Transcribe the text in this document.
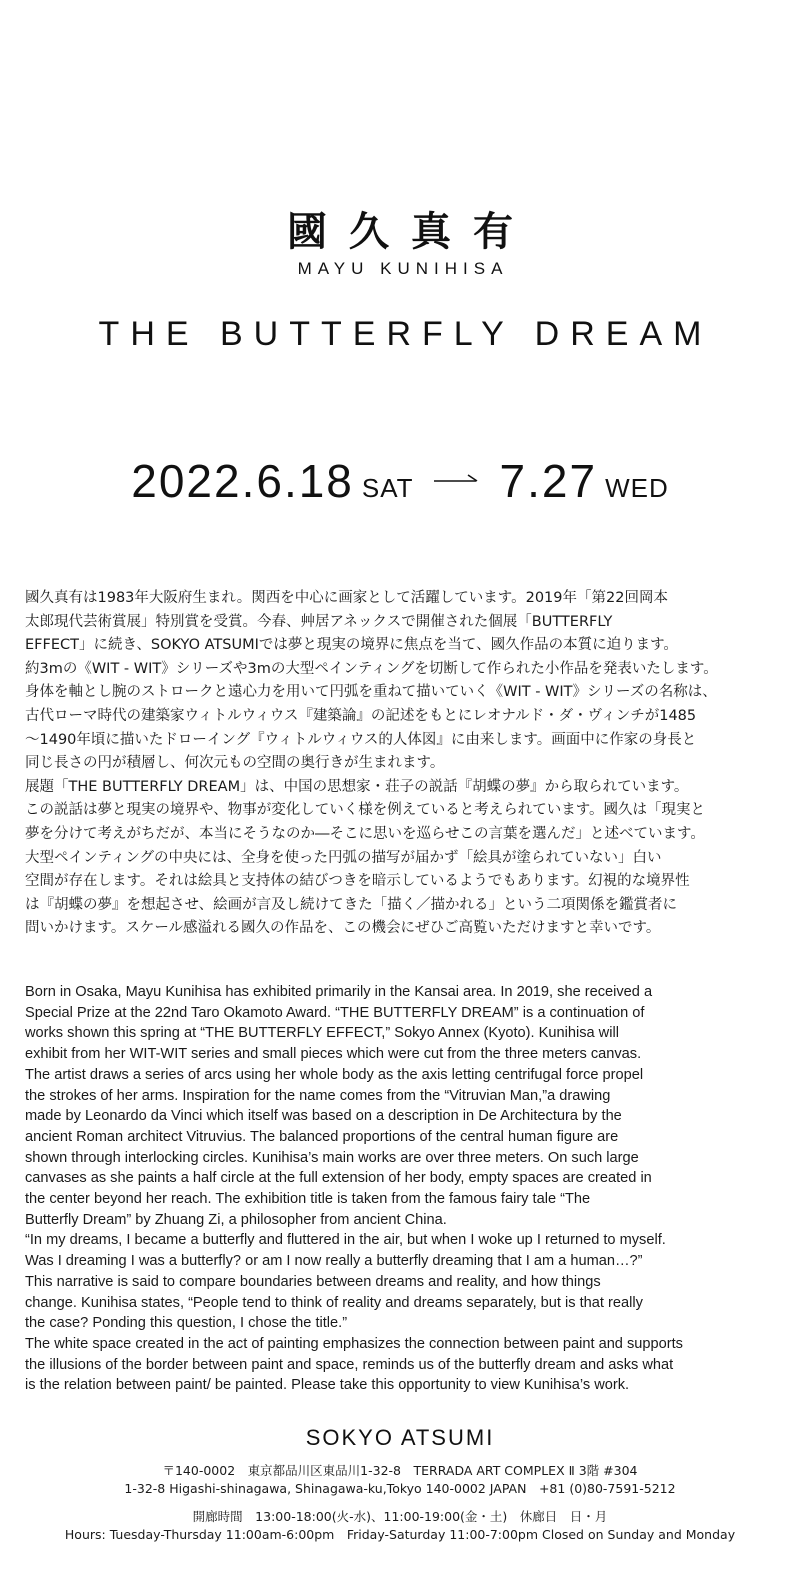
國久真有
MAYU KUNIHISA
THE BUTTERFLY DREAM
2022.6.18 SAT 7.27 WED
國久真有は1983年大阪府生まれ。関西を中心に画家として活躍しています。2019年「第22回岡本
太郎現代芸術賞展」特別賞を受賞。今春、艸居アネックスで開催された個展「BUTTERFLY
EFFECT」に続き、SOKYO ATSUMIでは夢と現実の境界に焦点を当て、國久作品の本質に迫ります。
約3mの《WIT - WIT》シリーズや3mの大型ペインティングを切断して作られた小作品を発表いたします。
身体を軸とし腕のストロークと遠心力を用いて円弧を重ねて描いていく《WIT - WIT》シリーズの名称は、
古代ローマ時代の建築家ウィトルウィウス『建築論』の記述をもとにレオナルド・ダ・ヴィンチが1485
～1490年頃に描いたドローイング『ウィトルウィウス的人体図』に由来します。画面中に作家の身長と
同じ長さの円が積層し、何次元もの空間の奥行きが生まれます。
展題「THE BUTTERFLY DREAM」は、中国の思想家・荘子の説話『胡蝶の夢』から取られています。
この説話は夢と現実の境界や、物事が変化していく様を例えていると考えられています。國久は「現実と
夢を分けて考えがちだが、本当にそうなのか―そこに思いを巡らせこの言葉を選んだ」と述べています。
大型ペインティングの中央には、全身を使った円弧の描写が届かず「絵具が塗られていない」白い
空間が存在します。それは絵具と支持体の結びつきを暗示しているようでもあります。幻視的な境界性
は『胡蝶の夢』を想起させ、絵画が言及し続けてきた「描く／描かれる」という二項関係を鑑賞者に
問いかけます。スケール感溢れる國久の作品を、この機会にぜひご高覧いただけますと幸いです。
Born in Osaka, Mayu Kunihisa has exhibited primarily in the Kansai area. In 2019, she received a
Special Prize at the 22nd Taro Okamoto Award. “THE BUTTERFLY DREAM” is a continuation of
works shown this spring at “THE BUTTERFLY EFFECT,” Sokyo Annex (Kyoto). Kunihisa will
exhibit from her WIT-WIT series and small pieces which were cut from the three meters canvas.
The artist draws a series of arcs using her whole body as the axis letting centrifugal force propel
the strokes of her arms. Inspiration for the name comes from the “Vitruvian Man,”a drawing
made by Leonardo da Vinci which itself was based on a description in De Architectura by the
ancient Roman architect Vitruvius. The balanced proportions of the central human figure are
shown through interlocking circles. Kunihisa’s main works are over three meters. On such large
canvases as she paints a half circle at the full extension of her body, empty spaces are created in
the center beyond her reach. The exhibition title is taken from the famous fairy tale “The
Butterfly Dream” by Zhuang Zi, a philosopher from ancient China.
“In my dreams, I became a butterfly and fluttered in the air, but when I woke up I returned to myself.
Was I dreaming I was a butterfly? or am I now really a butterfly dreaming that I am a human…?”
This narrative is said to compare boundaries between dreams and reality, and how things
change. Kunihisa states, “People tend to think of reality and dreams separately, but is that really
the case? Ponding this question, I chose the title.”
The white space created in the act of painting emphasizes the connection between paint and supports
the illusions of the border between paint and space, reminds us of the butterfly dream and asks what
is the relation between paint/ be painted. Please take this opportunity to view Kunihisa’s work.
SOKYO ATSUMI
〒140-0002　東京都品川区東品川1-32-8　TERRADA ART COMPLEX Ⅱ 3階 #304
1-32-8 Higashi-shinagawa, Shinagawa-ku,Tokyo 140-0002 JAPAN　+81 (0)80-7591-5212
開廊時間　13:00-18:00(火-水)、11:00-19:00(金・土)　休廊日　日・月
Hours: Tuesday-Thursday 11:00am-6:00pm　Friday-Saturday 11:00-7:00pm Closed on Sunday and Monday
